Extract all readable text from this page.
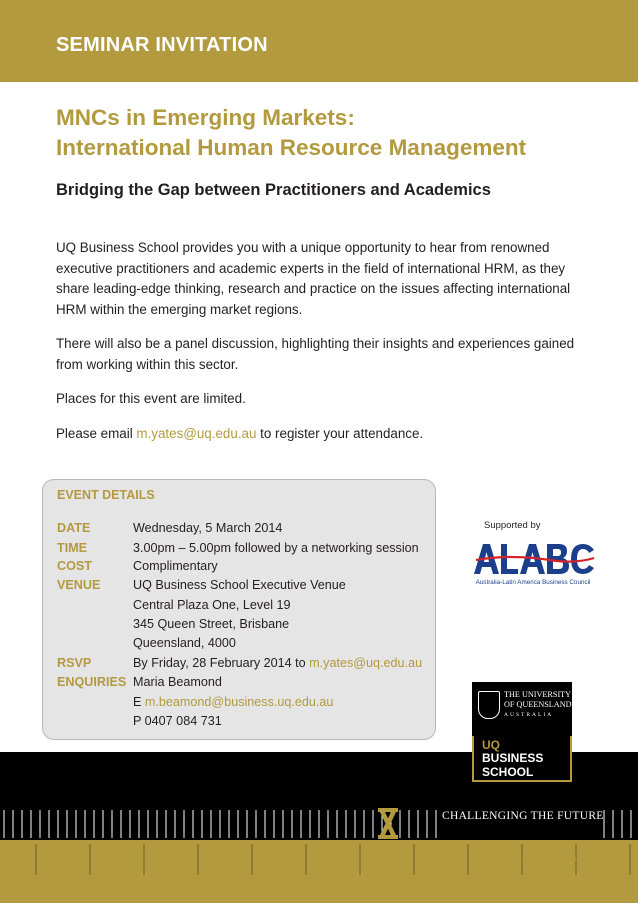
SEMINAR INVITATION
MNCs in Emerging Markets:
International Human Resource Management
Bridging the Gap between Practitioners and Academics

UQ Business School provides you with a unique opportunity to hear from renowned executive practitioners and academic experts in the field of international HRM, as they share leading-edge thinking, research and practice on the issues affecting international HRM within the emerging market regions.

There will also be a panel discussion, highlighting their insights and experiences gained from working within this sector.

Places for this event are limited.

Please email m.yates@uq.edu.au to register your attendance.

EVENT DETAILS
DATE	Wednesday, 5 March 2014
TIME	3.00pm – 5.00pm followed by a networking session
COST	Complimentary
VENUE	UQ Business School Executive Venue
Central Plaza One, Level 19
345 Queen Street, Brisbane
Queensland, 4000
RSVP	By Friday, 28 February 2014 to m.yates@uq.edu.au
ENQUIRIES Maria Beamond
E m.beamond@business.uq.edu.au
P 0407 084 731
Supported by
Australia-Latin America Business Council
THE UNIVERSITY
OF QUEENSLAND
AUSTRALIA
UQ
BUSINESS
SCHOOL
CHALLENGING THE FUTURE
business.uq.edu.au
